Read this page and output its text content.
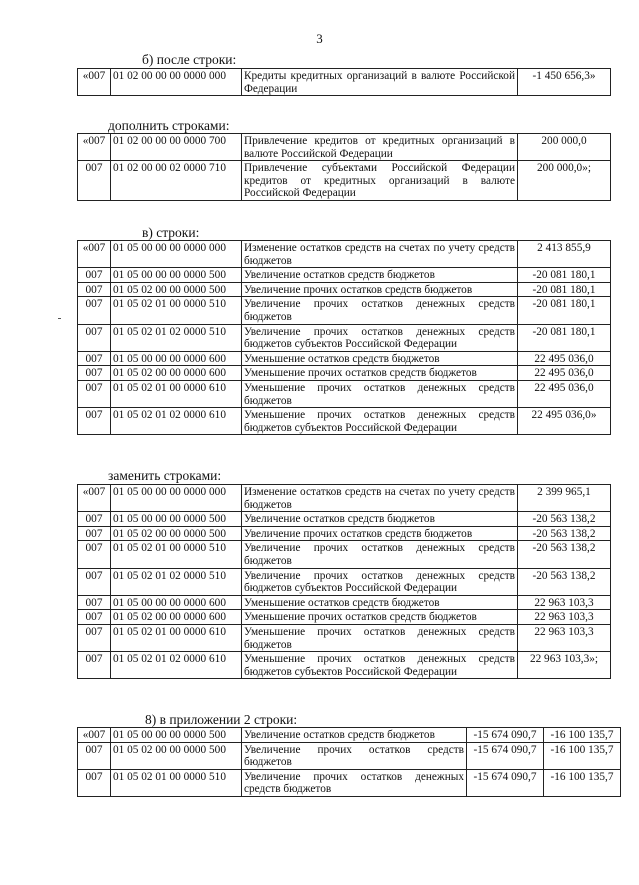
3
б) после строки:
«007	01 02 00 00 00 0000 000	Кредиты кредитных организаций в валюте Российской Федерации	-1 450 656,3»
дополнить строками:
«007	01 02 00 00 00 0000 700	Привлечение кредитов от кредитных организаций в валюте Российской Федерации	200 000,0
007	01 02 00 00 02 0000 710	Привлечение субъектами Российской Федерации кредитов от кредитных организаций в валюте Российской Федерации	200 000,0»;
в) строки:
«007	01 05 00 00 00 0000 000	Изменение остатков средств на счетах по учету средств бюджетов	2 413 855,9
007	01 05 00 00 00 0000 500	Увеличение остатков средств бюджетов	-20 081 180,1
007	01 05 02 00 00 0000 500	Увеличение прочих остатков средств бюджетов	-20 081 180,1
007	01 05 02 01 00 0000 510	Увеличение прочих остатков денежных средств бюджетов	-20 081 180,1
007	01 05 02 01 02 0000 510	Увеличение прочих остатков денежных средств бюджетов субъектов Российской Федерации	-20 081 180,1
007	01 05 00 00 00 0000 600	Уменьшение остатков средств бюджетов	22 495 036,0
007	01 05 02 00 00 0000 600	Уменьшение прочих остатков средств бюджетов	22 495 036,0
007	01 05 02 01 00 0000 610	Уменьшение прочих остатков денежных средств бюджетов	22 495 036,0
007	01 05 02 01 02 0000 610	Уменьшение прочих остатков денежных средств бюджетов субъектов Российской Федерации	22 495 036,0»
заменить строками:
«007	01 05 00 00 00 0000 000	Изменение остатков средств на счетах по учету средств бюджетов	2 399 965,1
007	01 05 00 00 00 0000 500	Увеличение остатков средств бюджетов	-20 563 138,2
007	01 05 02 00 00 0000 500	Увеличение прочих остатков средств бюджетов	-20 563 138,2
007	01 05 02 01 00 0000 510	Увеличение прочих остатков денежных средств бюджетов	-20 563 138,2
007	01 05 02 01 02 0000 510	Увеличение прочих остатков денежных средств бюджетов субъектов Российской Федерации	-20 563 138,2
007	01 05 00 00 00 0000 600	Уменьшение остатков средств бюджетов	22 963 103,3
007	01 05 02 00 00 0000 600	Уменьшение прочих остатков средств бюджетов	22 963 103,3
007	01 05 02 01 00 0000 610	Уменьшение прочих остатков денежных средств бюджетов	22 963 103,3
007	01 05 02 01 02 0000 610	Уменьшение прочих остатков денежных средств бюджетов субъектов Российской Федерации	22 963 103,3»;
8) в приложении 2 строки:
«007	01 05 00 00 00 0000 500	Увеличение остатков средств бюджетов	-15 674 090,7	-16 100 135,7
007	01 05 02 00 00 0000 500	Увеличение прочих остатков средств бюджетов	-15 674 090,7	-16 100 135,7
007	01 05 02 01 00 0000 510	Увеличение прочих остатков денежных средств бюджетов	-15 674 090,7	-16 100 135,7
